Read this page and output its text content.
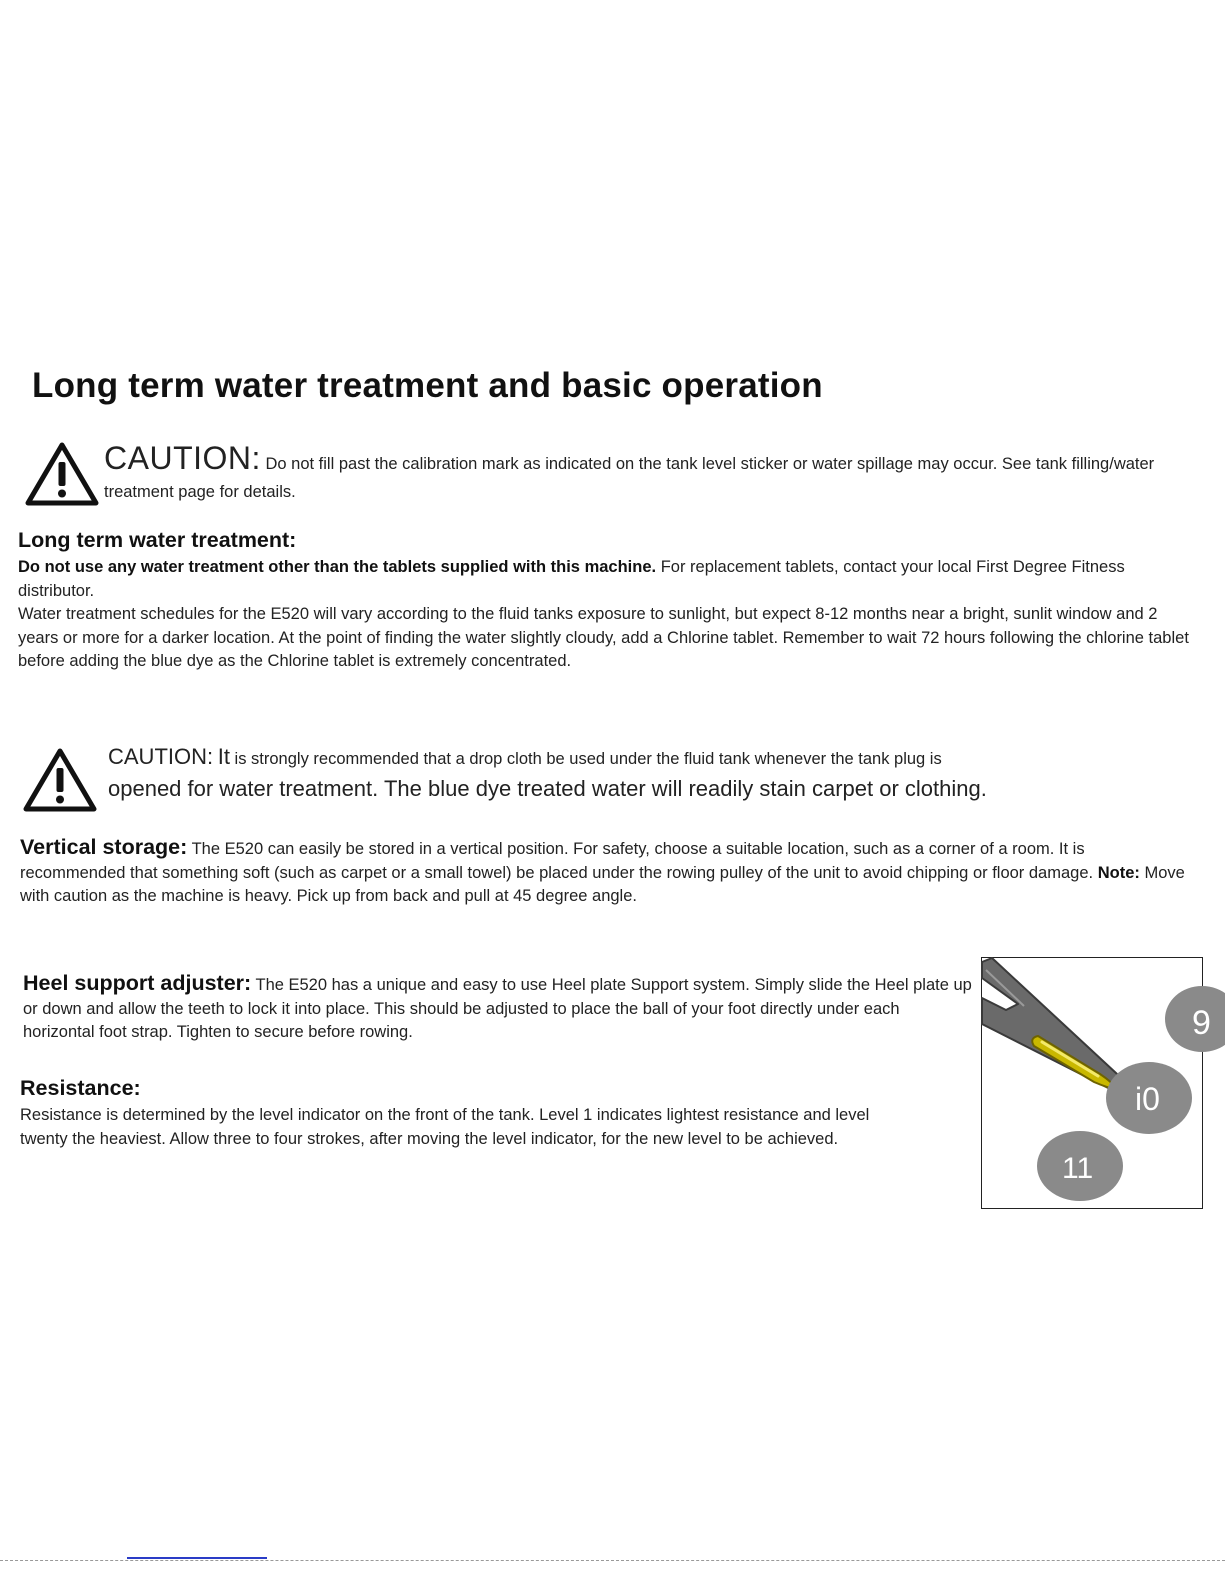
Long term water treatment and basic operation
CAUTION: Do not fill past the calibration mark as indicated on the tank level sticker or water spillage may occur. See tank filling/water treatment page for details.
Long term water treatment:
Do not use any water treatment other than the tablets supplied with this machine. For replacement tablets, contact your local First Degree Fitness distributor.
Water treatment schedules for the E520 will vary according to the fluid tanks exposure to sunlight, but expect 8-12 months near a bright, sunlit window and 2 years or more for a darker location. At the point of finding the water slightly cloudy, add a Chlorine tablet. Remember to wait 72 hours following the chlorine tablet before adding the blue dye as the Chlorine tablet is extremely concentrated.
CAUTION: It is strongly recommended that a drop cloth be used under the fluid tank whenever the tank plug is
opened for water treatment. The blue dye treated water will readily stain carpet or clothing.
Vertical storage: The E520 can easily be stored in a vertical position. For safety, choose a suitable location, such as a corner of a room. It is recommended that something soft (such as carpet or a small towel) be placed under the rowing pulley of the unit to avoid chipping or floor damage. Note: Move with caution as the machine is heavy. Pick up from back and pull at 45 degree angle.
Heel support adjuster: The E520 has a unique and easy to use Heel plate Support system. Simply slide the Heel plate up or down and allow the teeth to lock it into place. This should be adjusted to place the ball of your foot directly under each horizontal foot strap. Tighten to secure before rowing.
Resistance:
Resistance is determined by the level indicator on the front of the tank. Level 1 indicates lightest resistance and level twenty the heaviest. Allow three to four strokes, after moving the level indicator, for the new level to be achieved.
9
i0
11
